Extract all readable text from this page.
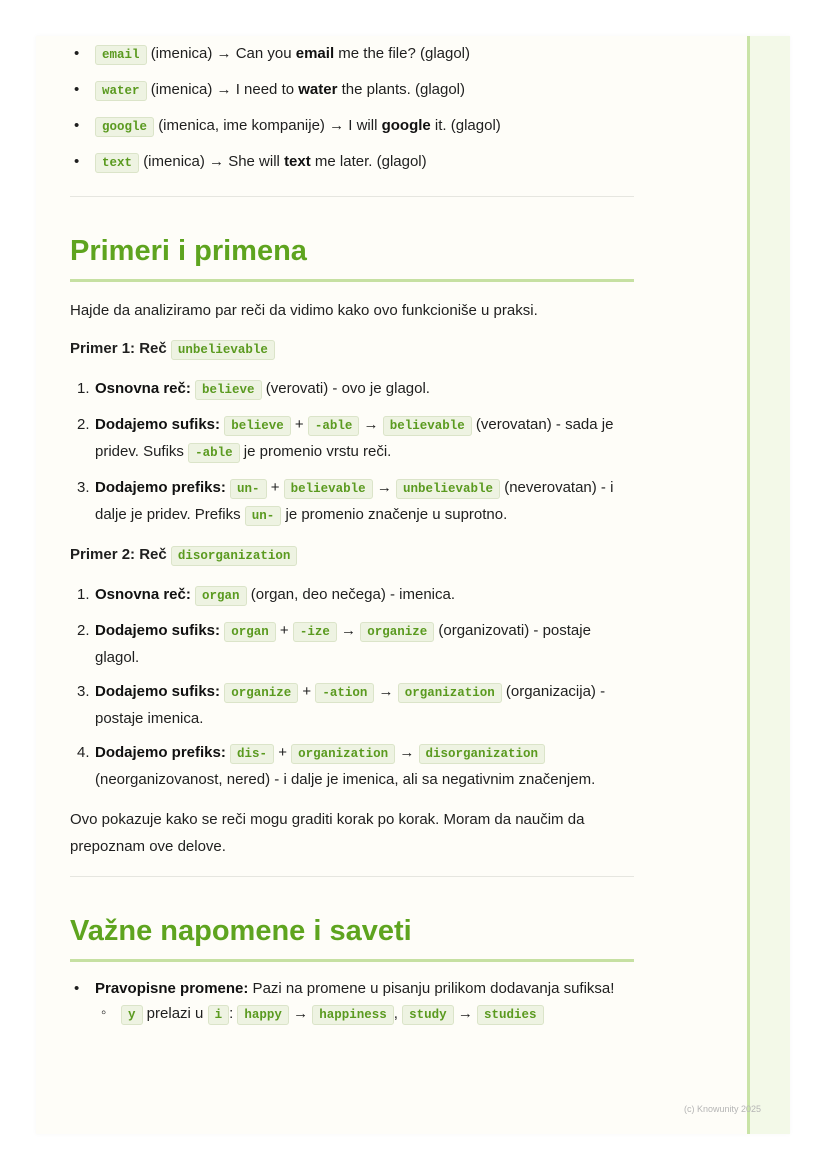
• email (imenica) → Can you email me the file? (glagol)
• water (imenica) → I need to water the plants. (glagol)
• google (imenica, ime kompanije) → I will google it. (glagol)
• text (imenica) → She will text me later. (glagol)
Primeri i primena

Hajde da analiziramo par reči da vidimo kako ovo funkcioniše u praksi.

Primer 1: Reč unbelievable

1. Osnovna reč: believe (verovati) - ovo je glagol.
2. Dodajemo sufiks: believe + -able → believable (verovatan) - sada je pridev. Sufiks -able je promenio vrstu reči.
3. Dodajemo prefiks: un- + believable → unbelievable (neverovatan) - i dalje je pridev. Prefiks un- je promenio značenje u suprotno.

Primer 2: Reč disorganization

1. Osnovna reč: organ (organ, deo nečega) - imenica.
2. Dodajemo sufiks: organ + -ize → organize (organizovati) - postaje glagol.
3. Dodajemo sufiks: organize + -ation → organization (organizacija) - postaje imenica.
4. Dodajemo prefiks: dis- + organization → disorganization (neorganizovanost, nered) - i dalje je imenica, ali sa negativnim značenjem.

Ovo pokazuje kako se reči mogu graditi korak po korak. Moram da naučim da prepoznam ove delove.

Važne napomene i saveti
• Pravopisne promene: Pazi na promene u pisanju prilikom dodavanja sufiksa!
◦ y prelazi u i : happy → happiness , study → studies
(c) Knowunity 2025
